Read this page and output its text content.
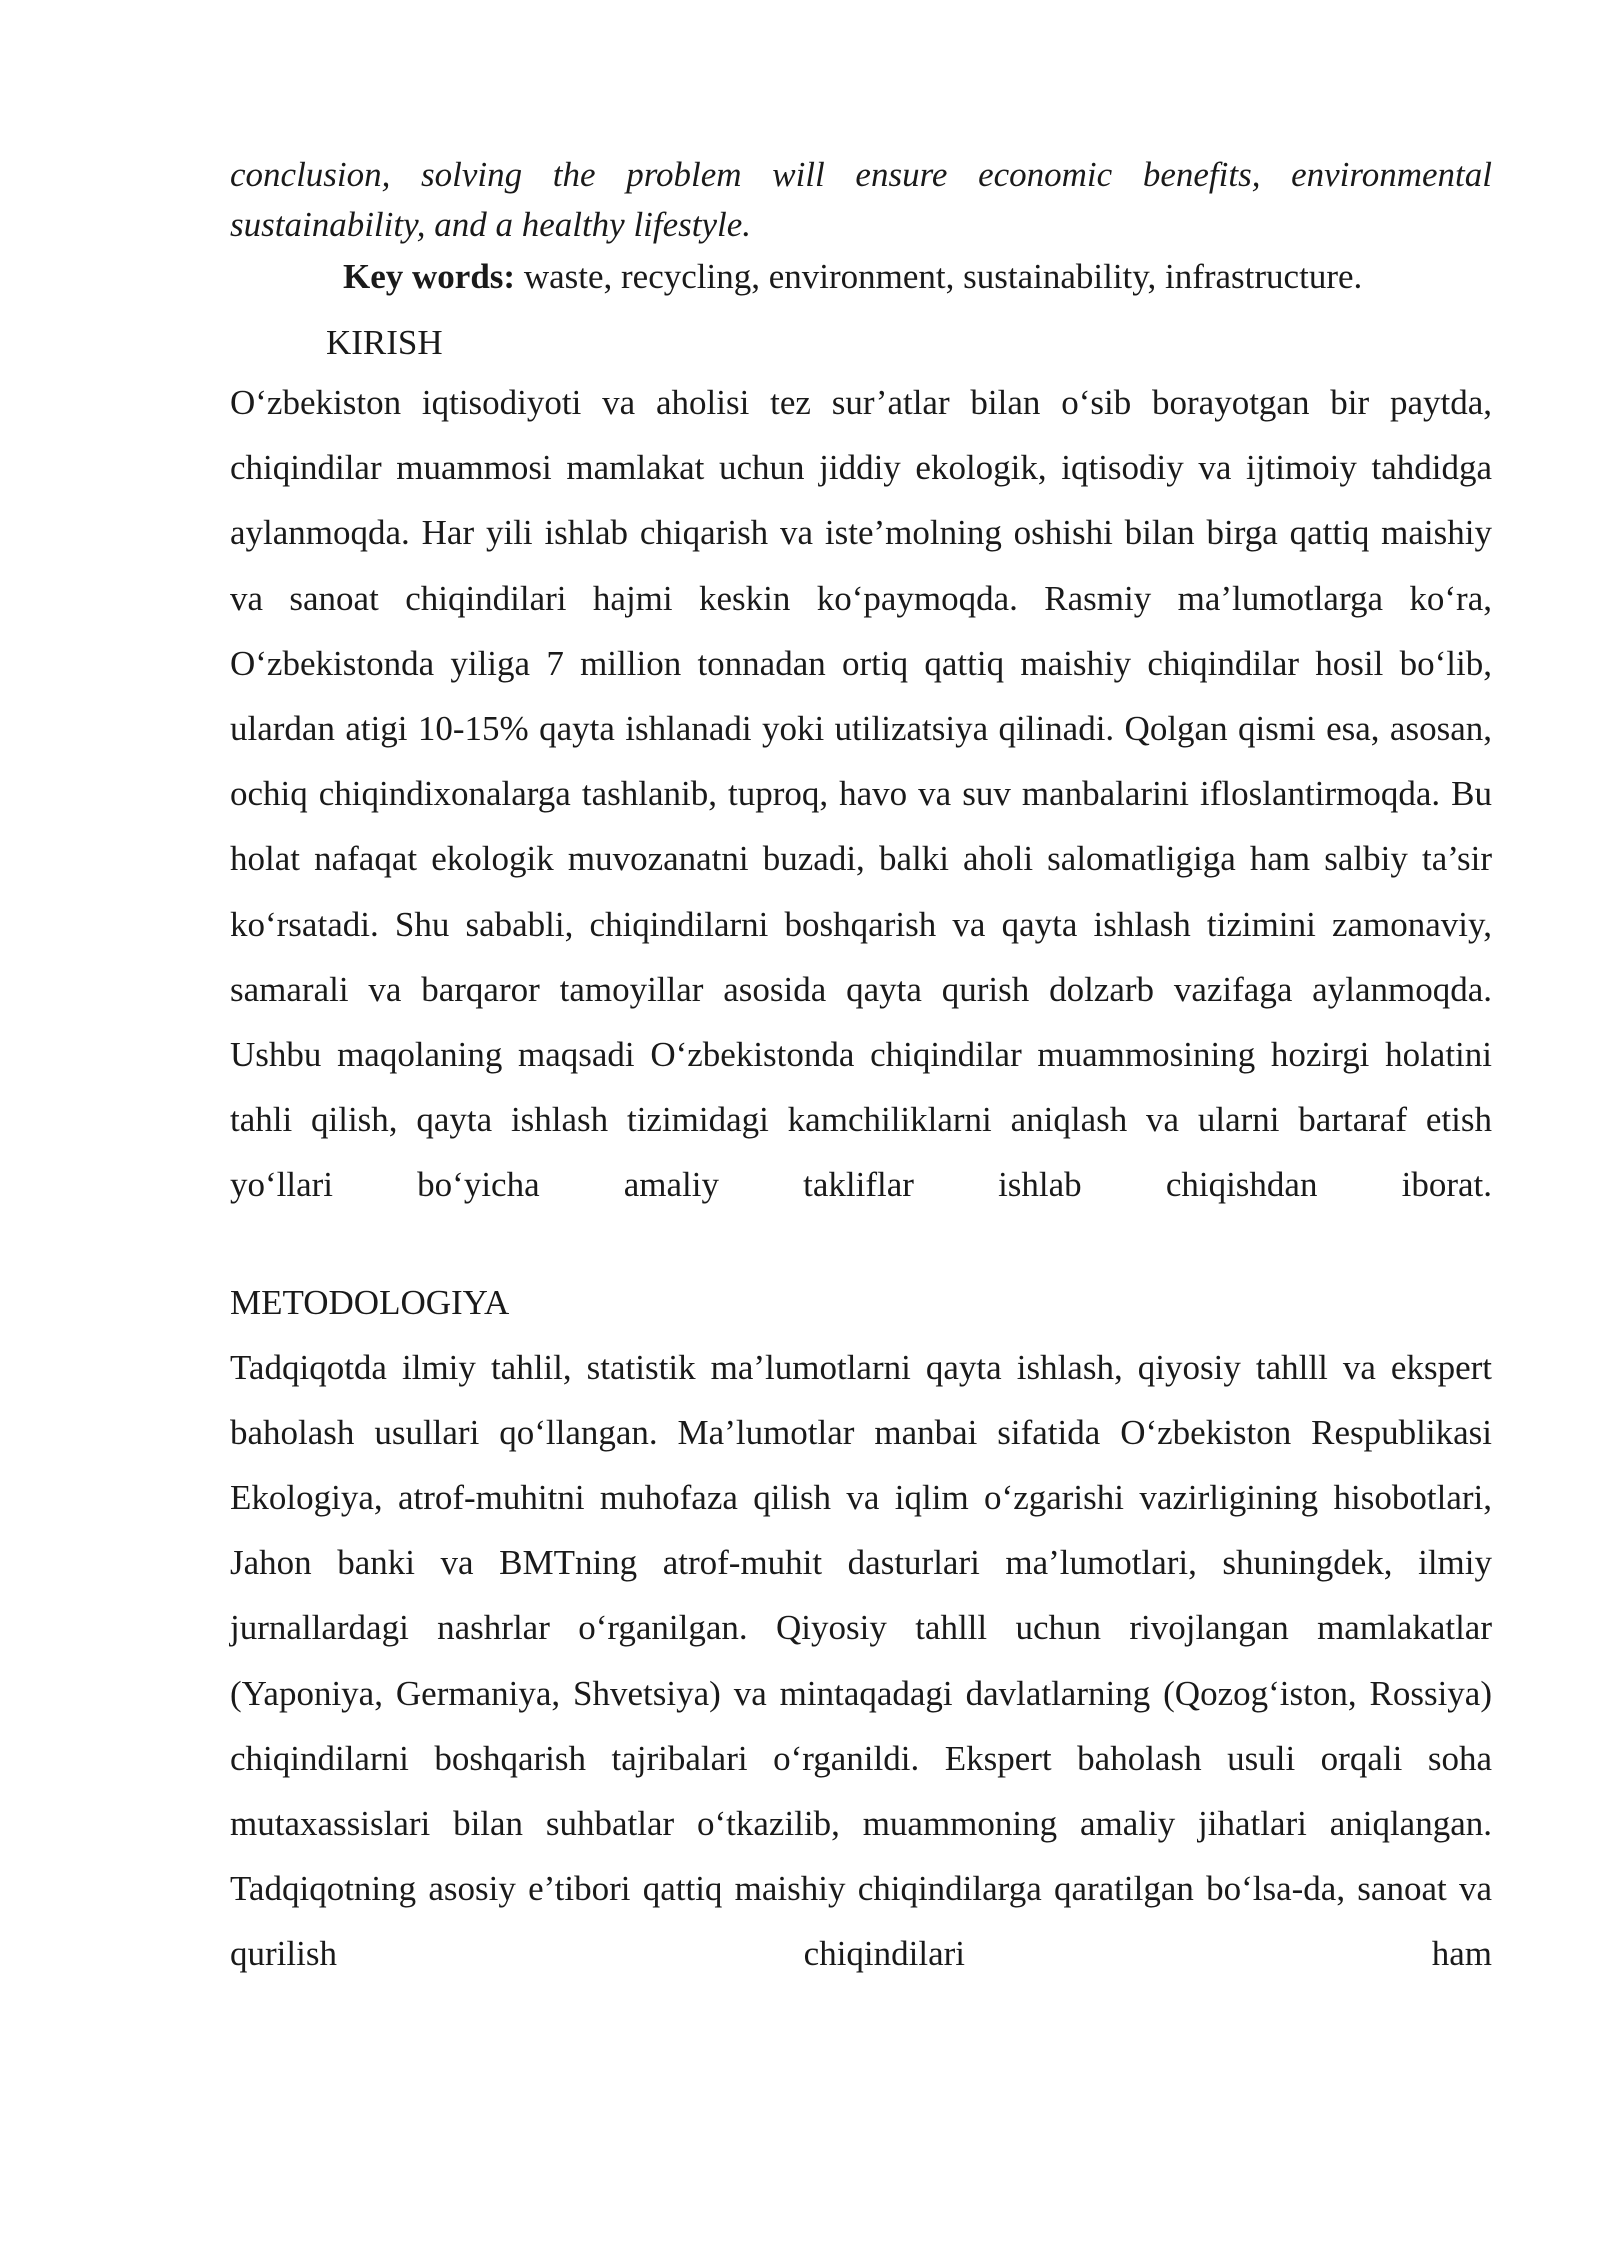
conclusion, solving the problem will ensure economic benefits, environmental sustainability, and a healthy lifestyle.

Key words: waste, recycling, environment, sustainability, infrastructure.

KIRISH

O‘zbekiston iqtisodiyoti va aholisi tez sur’atlar bilan o‘sib borayotgan bir paytda, chiqindilar muammosi mamlakat uchun jiddiy ekologik, iqtisodiy va ijtimoiy tahdidga aylanmoqda. Har yili ishlab chiqarish va iste’molning oshishi bilan birga qattiq maishiy va sanoat chiqindilari hajmi keskin ko‘paymoqda. Rasmiy ma’lumotlarga ko‘ra, O‘zbekistonda yiliga 7 million tonnadan ortiq qattiq maishiy chiqindilar hosil bo‘lib, ulardan atigi 10-15% qayta ishlanadi yoki utilizatsiya qilinadi. Qolgan qismi esa, asosan, ochiq chiqindixonalarga tashlanib, tuproq, havo va suv manbalarini ifloslantirmoqda. Bu holat nafaqat ekologik muvozanatni buzadi, balki aholi salomatligiga ham salbiy ta’sir ko‘rsatadi. Shu sababli, chiqindilarni boshqarish va qayta ishlash tizimini zamonaviy, samarali va barqaror tamoyillar asosida qayta qurish dolzarb vazifaga aylanmoqda. Ushbu maqolaning maqsadi O‘zbekistonda chiqindilar muammosining hozirgi holatini tahli qilish, qayta ishlash tizimidagi kamchiliklarni aniqlash va ularni bartaraf etish yo‘llari bo‘yicha amaliy takliflar ishlab chiqishdan iborat.

METODOLOGIYA

Tadqiqotda ilmiy tahlil, statistik ma’lumotlarni qayta ishlash, qiyosiy tahlll va ekspert baholash usullari qo‘llangan. Ma’lumotlar manbai sifatida O‘zbekiston Respublikasi Ekologiya, atrof-muhitni muhofaza qilish va iqlim o‘zgarishi vazirligining hisobotlari, Jahon banki va BMTning atrof-muhit dasturlari ma’lumotlari, shuningdek, ilmiy jurnallardagi nashrlar o‘rganilgan. Qiyosiy tahlll uchun rivojlangan mamlakatlar (Yaponiya, Germaniya, Shvetsiya) va mintaqadagi davlatlarning (Qozog‘iston, Rossiya) chiqindilarni boshqarish tajribalari o‘rganildi. Ekspert baholash usuli orqali soha mutaxassislari bilan suhbatlar o‘tkazilib, muammoning amaliy jihatlari aniqlangan. Tadqiqotning asosiy e’tibori qattiq maishiy chiqindilarga qaratilgan bo‘lsa-da, sanoat va qurilish chiqindilari ham
